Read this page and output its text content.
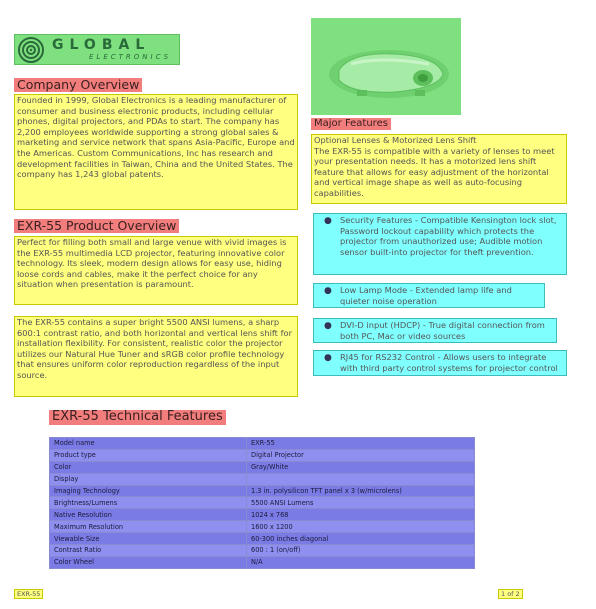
GLOBAL
ELECTRONICS
Company Overview
Founded in 1999, Global Electronics is a leading manufacturer of consumer and business electronic products, including cellular phones, digital projectors, and PDAs to start. The company has 2,200 employees worldwide supporting a strong global sales & marketing and service network that spans Asia-Pacific, Europe and the Americas. Custom Communications, Inc has research and development facilities in Taiwan, China and the United States. The company has 1,243 global patents.
EXR-55 Product Overview
Perfect for filling both small and large venue with vivid images is the EXR-55 multimedia LCD projector, featuring innovative color technology. Its sleek, modern design allows for easy use, hiding loose cords and cables, make it the perfect choice for any situation when presentation is paramount.
The EXR-55 contains a super bright 5500 ANSI lumens, a sharp 600:1 contrast ratio, and both horizontal and vertical lens shift for installation flexibility. For consistent, realistic color the projector utilizes our Natural Hue Tuner and sRGB color profile technology that ensures uniform color reproduction regardless of the input source.
Major Features
Optional Lenses & Motorized Lens Shift
The EXR-55 is compatible with a variety of lenses to meet your presentation needs. It has a motorized lens shift feature that allows for easy adjustment of the horizontal and vertical image shape as well as auto-focusing capabilities.
● Security Features - Compatible Kensington lock slot, Password lockout capability which protects the projector from unauthorized use; Audible motion sensor built-into projector for theft prevention.
● Low Lamp Mode - Extended lamp life and quieter noise operation
● DVI-D input (HDCP) - True digital connection from both PC, Mac or video sources
● RJ45 for RS232 Control - Allows users to integrate with third party control systems for projector control
EXR-55 Technical Features
Model name	EXR-55
Product type	Digital Projector
Color	Gray/White
Display	
Imaging Technology	1.3 in. polysilicon TFT panel x 3 (w/microlens)
Brightness/Lumens	5500 ANSI Lumens
Native Resolution	1024 x 768
Maximum Resolution	1600 x 1200
Viewable Size	60-300 inches diagonal
Contrast Ratio	600 : 1 (on/off)
Color Wheel	N/A
EXR-55	1 of 2
